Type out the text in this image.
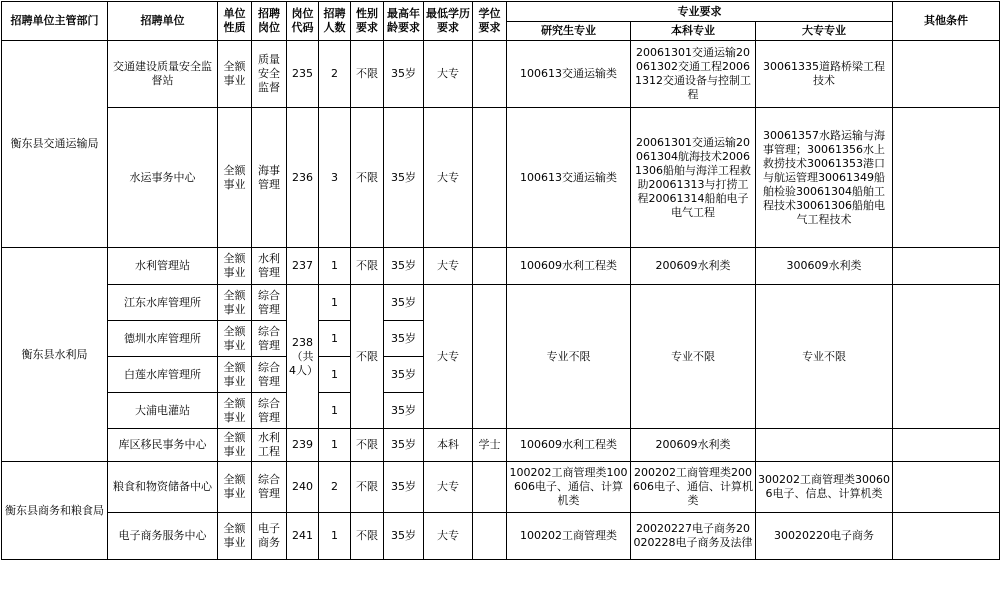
招聘单位主管部门	招聘单位	单位性质	招聘岗位	岗位代码	招聘人数	性别要求	最高年龄要求	最低学历要求	学位要求	专业要求			其他条件
										研究生专业	本科专业	大专专业	
衡东县交通运输局	交通建设质量安全监督站	全额事业	质量安全监督	235	2	不限	35岁	大专		100613交通运输类	20061301交通运输20061302交通工程20061312交通设备与控制工程	30061335道路桥梁工程技术	
	水运事务中心	全额事业	海事管理	236	3	不限	35岁	大专		100613交通运输类	20061301交通运输20061304航海技术20061306船舶与海洋工程救助20061313与打捞工程20061314船舶电子电气工程	30061357水路运输与海事管理；30061356水上救捞技术30061353港口与航运管理30061349船舶检验30061304船舶工程技术30061306船舶电气工程技术	
衡东县水利局	水利管理站	全额事业	水利管理	237	1	不限	35岁	大专		100609水利工程类	200609水利类	300609水利类	
	江东水库管理所	全额事业	综合管理	238（共4人）	1	不限	35岁	大专		专业不限	专业不限	专业不限	
	德圳水库管理所	全额事业	综合管理		1		35岁						
	白莲水库管理所	全额事业	综合管理		1		35岁						
	大浦电灌站	全额事业	综合管理		1		35岁						
	库区移民事务中心	全额事业	水利工程	239	1	不限	35岁	本科	学士	100609水利工程类	200609水利类		
衡东县商务和粮食局	粮食和物资储备中心	全额事业	综合管理	240	2	不限	35岁	大专		100202工商管理类100606电子、通信、计算机类	200202工商管理类200606电子、通信、计算机类	300202工商管理类300606电子、信息、计算机类	
	电子商务服务中心	全额事业	电子商务	241	1	不限	35岁	大专		100202工商管理类	20020227电子商务20020228电子商务及法律	30020220电子商务	
